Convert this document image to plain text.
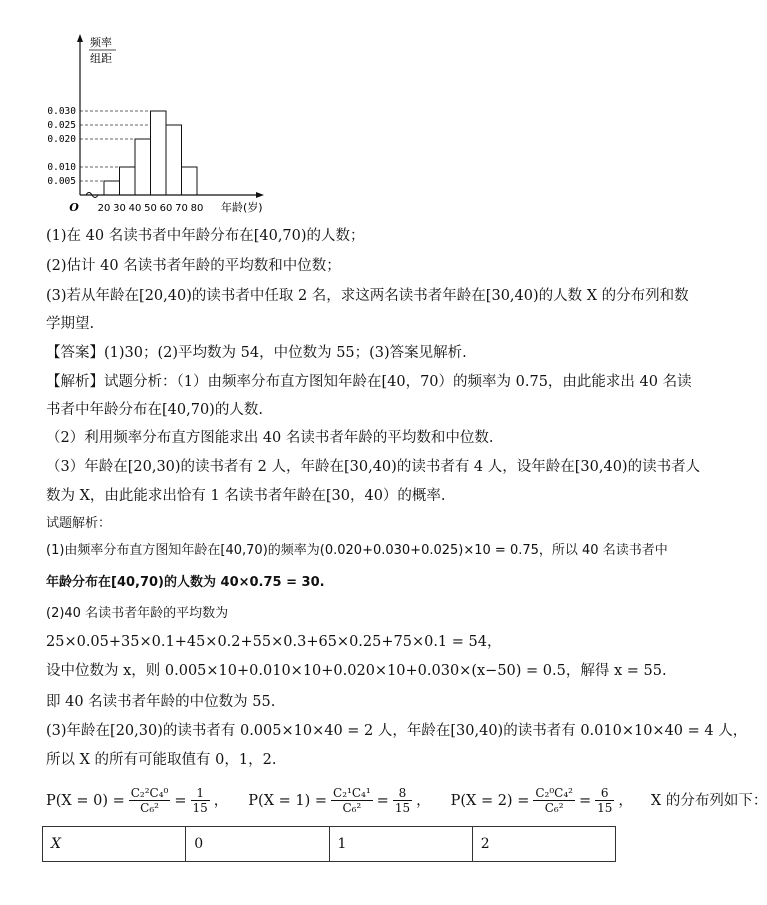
0.005
0.010
0.020
0.025
0.030
20 30 40 50 60 70 80
O	年龄(岁)
频率
组距
(1)在 40 名读书者中年龄分布在[40,70)的人数；
(2)估计 40 名读书者年龄的平均数和中位数；
(3)若从年龄在[20,40)的读书者中任取 2 名，求这两名读书者年龄在[30,40)的人数 X 的分布列和数
学期望.
【答案】(1)30；(2)平均数为 54，中位数为 55；(3)答案见解析.
【解析】试题分析：（1）由频率分布直方图知年龄在[40，70）的频率为 0.75，由此能求出 40 名读
书者中年龄分布在[40,70)的人数.
（2）利用频率分布直方图能求出 40 名读书者年龄的平均数和中位数.
（3）年龄在[20,30)的读书者有 2 人，年龄在[30,40)的读书者有 4 人，设年龄在[30,40)的读书者人
数为 X，由此能求出恰有 1 名读书者年龄在[30，40）的概率.
试题解析：
(1)由频率分布直方图知年龄在[40,70)的频率为(0.020+0.030+0.025)×10 = 0.75，所以 40 名读书者中
年龄分布在[40,70)的人数为 40×0.75 = 30.
(2)40 名读书者年龄的平均数为
25×0.05+35×0.1+45×0.2+55×0.3+65×0.25+75×0.1 = 54，
设中位数为 x，则 0.005×10+0.010×10+0.020×10+0.030×(x−50) = 0.5，解得 x = 55.
即 40 名读书者年龄的中位数为 55.
(3)年龄在[20,30)的读书者有 0.005×10×40 = 2 人，年龄在[30,40)的读书者有 0.010×10×40 = 4 人，
所以 X 的所有可能取值有 0，1，2.
$P(X = 0) = \frac{\text{C₂²C₄⁰}}{\text{C₆²}} = \frac{1}{15}$ ， $P(X = 1) = \frac{\text{C₂¹C₄¹}}{\text{C₆²}} = \frac{8}{15}$ ， $P(X = 2) = \frac{\text{C₂⁰C₄²}}{\text{C₆²}} = \frac{6}{15}$ ， X 的分布列如下：
X	0	1	2
